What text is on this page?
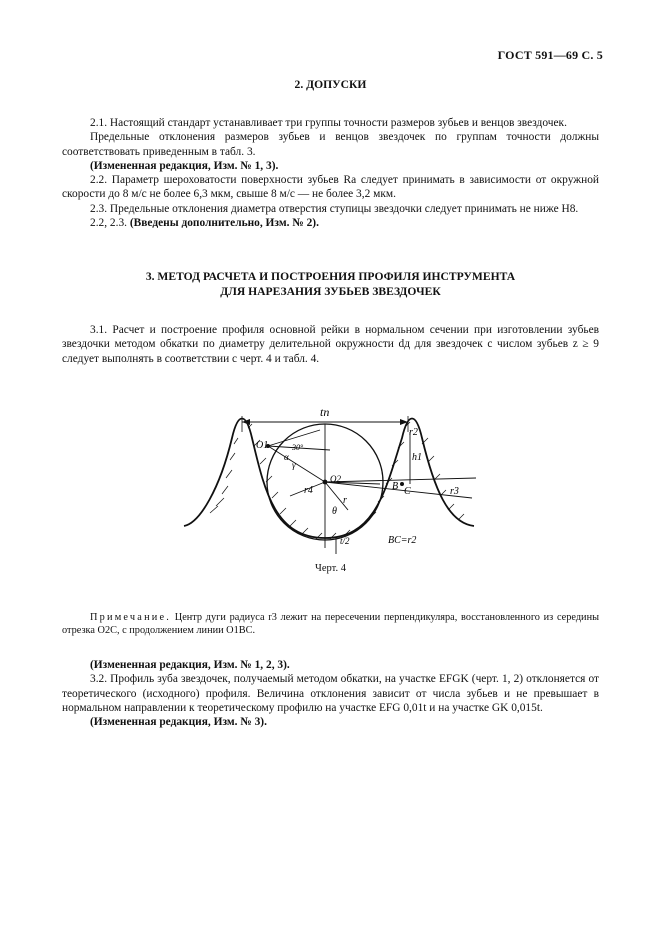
ГОСТ 591—69 С. 5
2. ДОПУСКИ
2.1. Настоящий стандарт устанавливает три группы точности размеров зубьев и венцов звездочек.
Предельные отклонения размеров зубьев и венцов звездочек по группам точности должны соответствовать приведенным в табл. 3.
(Измененная редакция, Изм. № 1, 3).
2.2. Параметр шероховатости поверхности зубьев Ra следует принимать в зависимости от окружной скорости до 8 м/с не более 6,3 мкм, свыше 8 м/с — не более 3,2 мкм.
2.3. Предельные отклонения диаметра отверстия ступицы звездочки следует принимать не ниже Н8.
2.2, 2.3. (Введены дополнительно, Изм. № 2).
3. МЕТОД РАСЧЕТА И ПОСТРОЕНИЯ ПРОФИЛЯ ИНСТРУМЕНТА
ДЛЯ НАРЕЗАНИЯ ЗУБЬЕВ ЗВЕЗДОЧЕК
3.1. Расчет и построение профиля основной рейки в нормальном сечении при изготовлении зубьев звездочки методом обкатки по диаметру делительной окружности dд для звездочек с числом зубьев z ≥ 9 следует выполнять в соответствии с черт. 4 и табл. 4.
tn
r2
r3
r4
r
h1
O1
O2
C
B
θ
α
γ
30°
t/2	BC=r2
Черт. 4
Примечание. Центр дуги радиуса r3 лежит на пересечении перпендикуляра, восстановленного из середины отрезка O2C, с продолжением линии O1BC.
(Измененная редакция, Изм. № 1, 2, 3).
3.2. Профиль зуба звездочек, получаемый методом обкатки, на участке EFGK (черт. 1, 2) отклоняется от теоретического (исходного) профиля. Величина отклонения зависит от числа зубьев и не превышает в нормальном направлении к теоретическому профилю на участке EFG 0,01t и на участке GK 0,015t.
(Измененная редакция, Изм. № 3).
